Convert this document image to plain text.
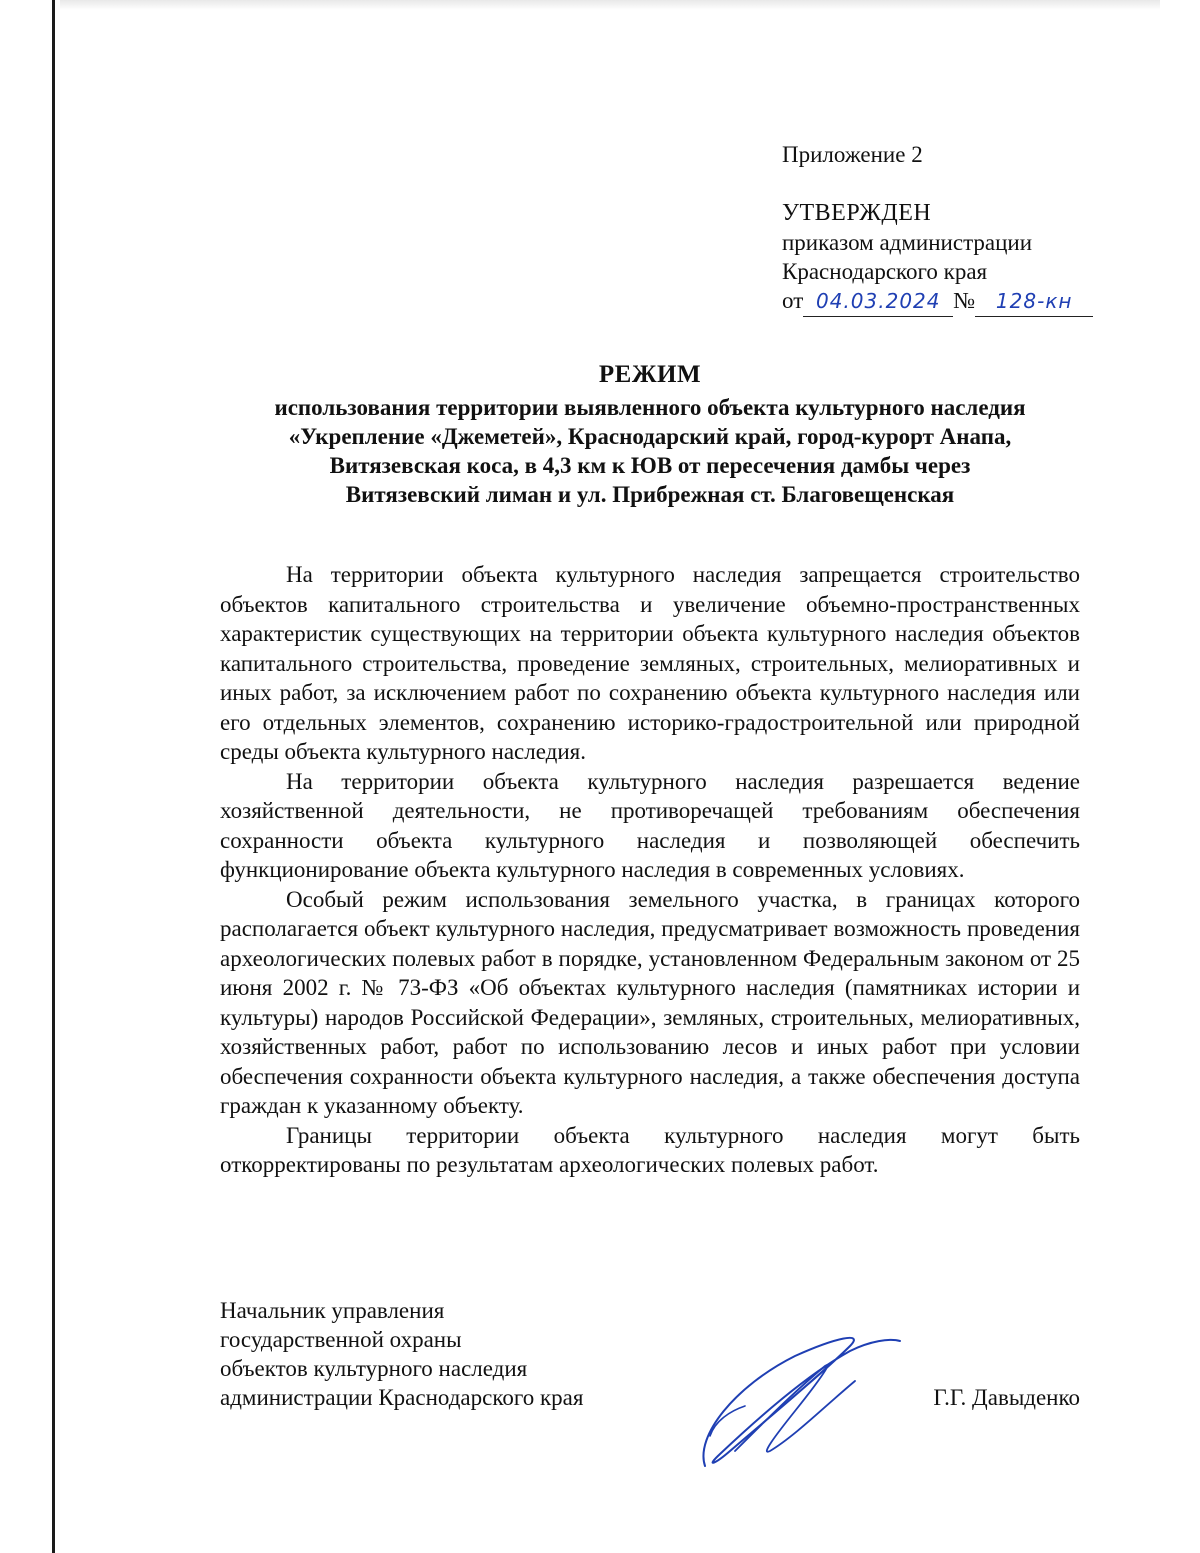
Приложение 2
УТВЕРЖДЕН
приказом администрации
Краснодарского края
от 04.03.2024 № 128-кн
РЕЖИМ
использования территории выявленного объекта культурного наследия
«Укрепление «Джеметей», Краснодарский край, город-курорт Анапа,
Витязевская коса, в 4,3 км к ЮВ от пересечения дамбы через
Витязевский лиман и ул. Прибрежная ст. Благовещенская

На территории объекта культурного наследия запрещается строительство объектов капитального строительства и увеличение объемно-пространственных характеристик существующих на территории объекта культурного наследия объектов капитального строительства, проведение земляных, строительных, мелиоративных и иных работ, за исключением работ по сохранению объекта культурного наследия или его отдельных элементов, сохранению историко-градостроительной или природной среды объекта культурного наследия.

На территории объекта культурного наследия разрешается ведение хозяйственной деятельности, не противоречащей требованиям обеспечения сохранности объекта культурного наследия и позволяющей обеспечить функционирование объекта культурного наследия в современных условиях.

Особый режим использования земельного участка, в границах которого располагается объект культурного наследия, предусматривает возможность проведения археологических полевых работ в порядке, установленном Федеральным законом от 25 июня 2002 г. № 73-ФЗ «Об объектах культурного наследия (памятниках истории и культуры) народов Российской Федерации», земляных, строительных, мелиоративных, хозяйственных работ, работ по использованию лесов и иных работ при условии обеспечения сохранности объекта культурного наследия, а также обеспечения доступа граждан к указанному объекту.

Границы территории объекта культурного наследия могут быть откорректированы по результатам археологических полевых работ.

Начальник управления
государственной охраны
объектов культурного наследия
администрации Краснодарского края	Г.Г. Давыденко
